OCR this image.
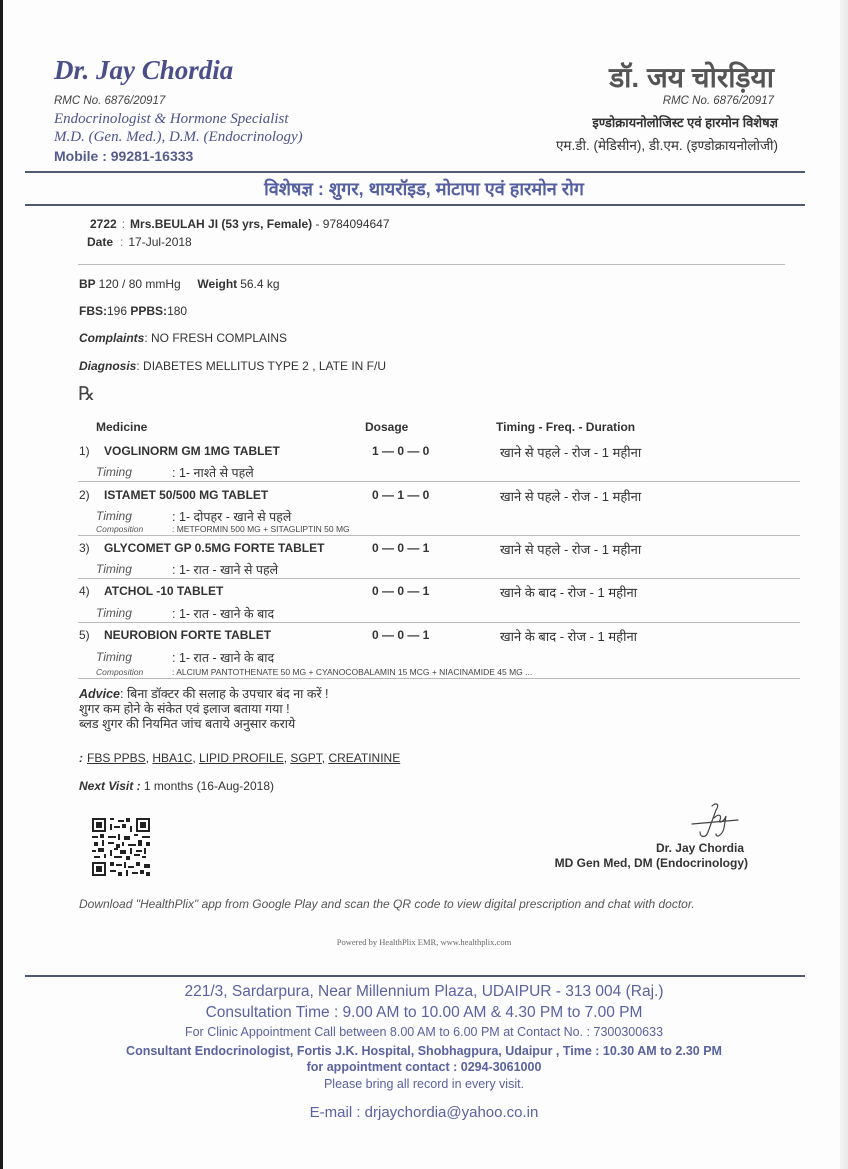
Dr. Jay Chordia
RMC No. 6876/20917
Endocrinologist & Hormone Specialist
M.D. (Gen. Med.), D.M. (Endocrinology)
Mobile : 99281-16333
डॉ. जय चोरड़िया
RMC No. 6876/20917
इण्डोक्रायनोलोजिस्ट एवं हारमोन विशेषज्ञ
एम.डी. (मेडिसीन), डी.एम. (इण्डोक्रायनोलोजी)
विशेषज्ञ : शुगर, थायरॉइड, मोटापा एवं हारमोन रोग
2722 : Mrs.BEULAH JI (53 yrs, Female) - 9784094647
Date : 17-Jul-2018
BP 120 / 80 mmHg Weight 56.4 kg
FBS:196 PPBS:180
Complaints: NO FRESH COMPLAINS
Diagnosis: DIABETES MELLITUS TYPE 2 , LATE IN F/U
℞
Medicine	Dosage	Timing - Freq. - Duration
1) VOGLINORM GM 1MG TABLET	1 — 0 — 0	खाने से पहले - रोज - 1 महीना
Timing	: 1- नाश्ते से पहले
2) ISTAMET 50/500 MG TABLET	0 — 1 — 0	खाने से पहले - रोज - 1 महीना
Timing	: 1- दोपहर - खाने से पहले
Composition	: METFORMIN 500 MG + SITAGLIPTIN 50 MG
3) GLYCOMET GP 0.5MG FORTE TABLET	0 — 0 — 1	खाने से पहले - रोज - 1 महीना
Timing	: 1- रात - खाने से पहले
4) ATCHOL -10 TABLET	0 — 0 — 1	खाने के बाद - रोज - 1 महीना
Timing	: 1- रात - खाने के बाद
5) NEUROBION FORTE TABLET	0 — 0 — 1	खाने के बाद - रोज - 1 महीना
Timing	: 1- रात - खाने के बाद
Composition	: ALCIUM PANTOTHENATE 50 MG + CYANOCOBALAMIN 15 MCG + NIACINAMIDE 45 MG ...
Advice: बिना डॉक्टर की सलाह के उपचार बंद ना करें !
शुगर कम होने के संकेत एवं इलाज बताया गया !
ब्लड शुगर की नियमित जांच बताये अनुसार कराये
: FBS PPBS, HBA1C, LIPID PROFILE, SGPT, CREATININE
Next Visit : 1 months (16-Aug-2018)
Dr. Jay Chordia
MD Gen Med, DM (Endocrinology)
Download "HealthPlix" app from Google Play and scan the QR code to view digital prescription and chat with doctor.
Powered by HealthPlix EMR, www.healthplix.com
221/3, Sardarpura, Near Millennium Plaza, UDAIPUR - 313 004 (Raj.)
Consultation Time : 9.00 AM to 10.00 AM & 4.30 PM to 7.00 PM
For Clinic Appointment Call between 8.00 AM to 6.00 PM at Contact No. : 7300300633
Consultant Endocrinologist, Fortis J.K. Hospital, Shobhagpura, Udaipur , Time : 10.30 AM to 2.30 PM
for appointment contact : 0294-3061000
Please bring all record in every visit.
E-mail : drjaychordia@yahoo.co.in
